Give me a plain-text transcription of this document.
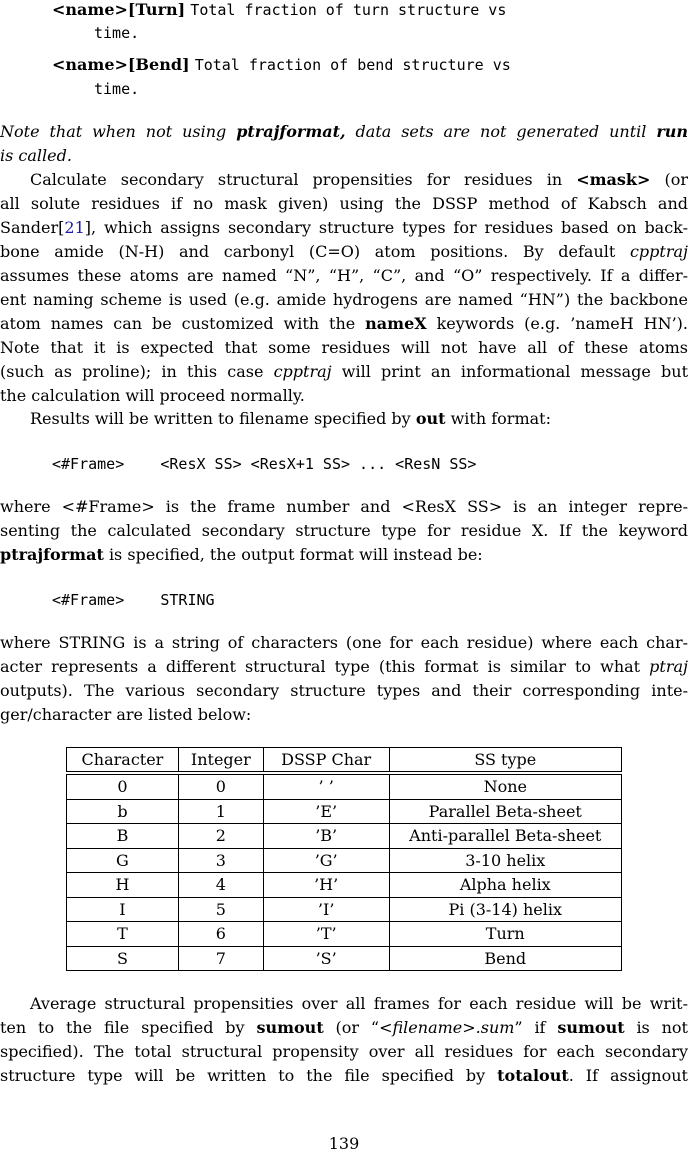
<name>[Turn] Total fraction of turn structure vs
time.
<name>[Bend] Total fraction of bend structure vs
time.
Note that when not using ptrajformat, data sets are not generated until run
is called.
Calculate secondary structural propensities for residues in <mask> (or
all solute residues if no mask given) using the DSSP method of Kabsch and
Sander[21], which assigns secondary structure types for residues based on back-
bone amide (N-H) and carbonyl (C=O) atom positions. By default cpptraj
assumes these atoms are named “N”, “H”, “C”, and “O” respectively. If a differ-
ent naming scheme is used (e.g. amide hydrogens are named “HN”) the backbone
atom names can be customized with the nameX keywords (e.g. ’nameH HN’).
Note that it is expected that some residues will not have all of these atoms
(such as proline); in this case cpptraj will print an informational message but
the calculation will proceed normally.
Results will be written to filename specified by out with format:
<#Frame>    <ResX SS> <ResX+1 SS> ... <ResN SS>
where <#Frame> is the frame number and <ResX SS> is an integer repre-
senting the calculated secondary structure type for residue X. If the keyword
ptrajformat is specified, the output format will instead be:
<#Frame>    STRING
where STRING is a string of characters (one for each residue) where each char-
acter represents a different structural type (this format is similar to what ptraj
outputs). The various secondary structure types and their corresponding inte-
ger/character are listed below:
Character	Integer	DSSP Char	SS type
0	0	’ ’	None
b	1	’E’	Parallel Beta-sheet
B	2	’B’	Anti-parallel Beta-sheet
G	3	’G’	3-10 helix
H	4	’H’	Alpha helix
I	5	’I’	Pi (3-14) helix
T	6	’T’	Turn
S	7	’S’	Bend
Average structural propensities over all frames for each residue will be writ-
ten to the file specified by sumout (or “<filename>.sum” if sumout is not
specified). The total structural propensity over all residues for each secondary
structure type will be written to the file specified by totalout. If assignout
139
